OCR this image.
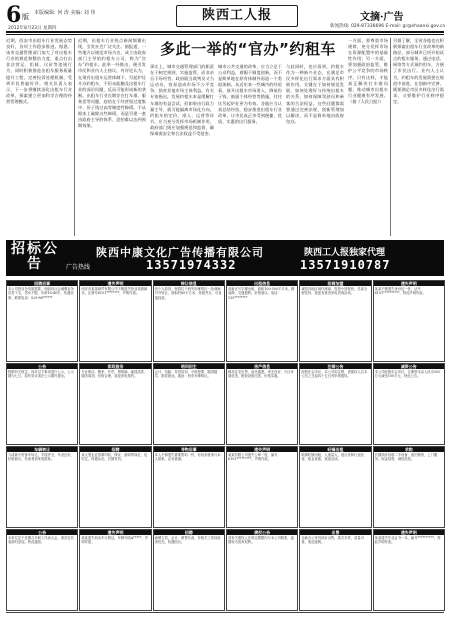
6 版 本版编辑: 何 涛 美编: 刘 伟
2012年8月23日 星期四
陕西工人报	文摘·广告
新闻热线: 029-87336696 E-mail: gr@shaanxi.gov.cn
近期，西安市出租车行业发展态势良好，各项工作稳步推进。据悉，该市交通管理部门加大了对出租车行业的规范和整治力度，重点打击非法营运、拒载、议价等违规行为，同时积极推进出租车服务质量提升工程，完善投诉处理机制，受到市民普遍好评。相关负责人表示，下一步将继续深化出租车行业改革，探索建立更加科学合理的经营管理模式。
多此一举的“官办”约租车
近期，出租车行业热点新闻频繁出现，引发社会广泛关注。据报道，一些地方以规范市场为名，成立由政府部门主导的约租车公司，称为“官办”约租车。此举一经推出，便引发市民和业内人士热议。有评论认为，在现有出租车运营体制下，另起炉灶开办约租车，不但未能触及出租车行业的深层问题，反而可能形成新的垄断。出租车行业长期存在打车难、服务差等问题，症结在于经营权过度集中、份子钱过高等制度性障碍。不从根本上破除这些障碍，而是另建一套由政府主导的体系，恐怕难以达到预期效果。
事实上，城市交通管理部门的职责在于制定规则、实施监管，而非亲自下场经营。政府既当裁判员又当运动员，容易造成市场不公平竞争，损害其他市场主体利益。有关专家指出，发展约租车本是缓解打车难的有益尝试，但如果由行政力量主导，就可能偏离市场化方向。约租车的定价、准入、运营等环节，应当充分发挥市场机制作用，政府部门则应加强规范和监督，确保乘客安全和合法权益不受侵害。
城市公共交通的改革，应当立足于公众利益，着眼于制度创新，而不是简单地在原有体制外再造一个类似体制。从近年来一些城市的经验看，放开出租车市场准入、降低份子钱、鼓励个体经营等措施，往往比另起炉灶更为有效。各地应当认真总结经验，稳步推进出租车行业改革，让市民真正享受到便捷、优质、实惠的出行服务。
与此同时，也应看到，约租车作为一种新兴业态，在满足市民多样化出行需求方面具有积极作用。关键在于如何规范发展，如何处理好与传统出租车的关系，如何保障驾驶员和乘客的合法权益。这些问题都需要通过完善法规、创新管理加以解决，而不是简单地由政府包办。
一方面，要尊重市场规律，充分发挥市场在资源配置中的基础性作用；另一方面，要加强政府监管，维护公平竞争的市场秩序。只有这样，才能真正解决打车难问题，推动城市出租车行业健康有序发展。（据《人民日报》）
另据了解，全省各地也在积极探索出租车行业改革的新路径，部分城市已经开始试点约租车服务，通过电话、网络等方式预约用车，方便了市民出行。业内人士认为，约租车的发展需要在规范中前进，在创新中完善，既要满足市民多样化出行需求，又要维护行业秩序稳定。
招标公告
陕西中康文化广告传播有限公司	陕西工人报独家代理
广告热线	13571974332	13571910787
招聘启事
本公司因业务发展需要，现面向社会诚聘业务员若干名，男女不限，年龄18-40岁，待遇优厚。联系电话：029-88******
遗失声明
西安市某某商贸有限公司不慎遗失营业执照副本，注册号6101********，声明作废。
转让信息
因个人原因，现将位于西安市雁塔区一处商铺对外转让，面积约80平方米，设施齐全，可直接经营。
出租信息
高新区写字楼出租，面积100-500平方米，精装修，交通便利，价格面议。电话：135********
招商加盟
诚招各地区域代理商，投资小回报快，总部全程扶持，欢迎有意者来电咨询洽谈。
遗失声明
某某不慎遗失身份证一张，证号6101**********，特此声明作废。
公告
根据有关规定，现对以下事项进行公示，公示期为七日，如有异议请在公示期内提出。
家政服务
专业保洁、搬家、开荒、擦玻璃、地毯清洗，服务周到，价格合理，欢迎来电预约。
培训招生
会计、电脑、英语培训，小班授课，随到随学，推荐就业。地址：西安市碑林区。
房产信息
精品住宅出售，南北通透，采光良好，小区环境优美，配套设施完善，价格实惠。
注销公告
经股东会决议，本公司拟注销，请债权人自本公告之日起四十五日内申报债权。
减资公告
本公司经股东会决议，注册资本由人民币500万元减至100万元，特此公告。
车辆转让
九成新小型客车转让，手续齐全，车况良好，价格面议，有意者请来电联系。
招聘
某大型企业招聘司机、保安、厨师等岗位，包吃住，待遇从优，长期有效。
寻物启事
本人不慎遗失重要资料一份，有拾到者请与本人联系，必有重谢。
遗失声明
某某有限公司遗失公章一枚，编号6101*********，声明作废。
旺铺出租
临街旺铺出租，人流量大，适合各种行业经营，租金优惠，欢迎洽谈。
求购
长期高价回收二手设备、废旧物资，上门服务，现金结算，诚信经营。
公告
本单位定于近期召开职工代表大会，请各位代表准时参加，特此通知。
遗失声明
某某遗失机动车行驶证，车牌号陕A*****，声明作废。
招聘
诚聘文员、会计、销售代表，有相关工作经验者优先，待遇面议。
债权公告
请有关债权人在规定期限内与本公司联系，逾期视为放弃权利。
出售
全新办公家具低价出售，款式多样，质量可靠，欢迎选购。
遗失声明
某某遗失毕业证书一本，编号**********，特此声明作废。
